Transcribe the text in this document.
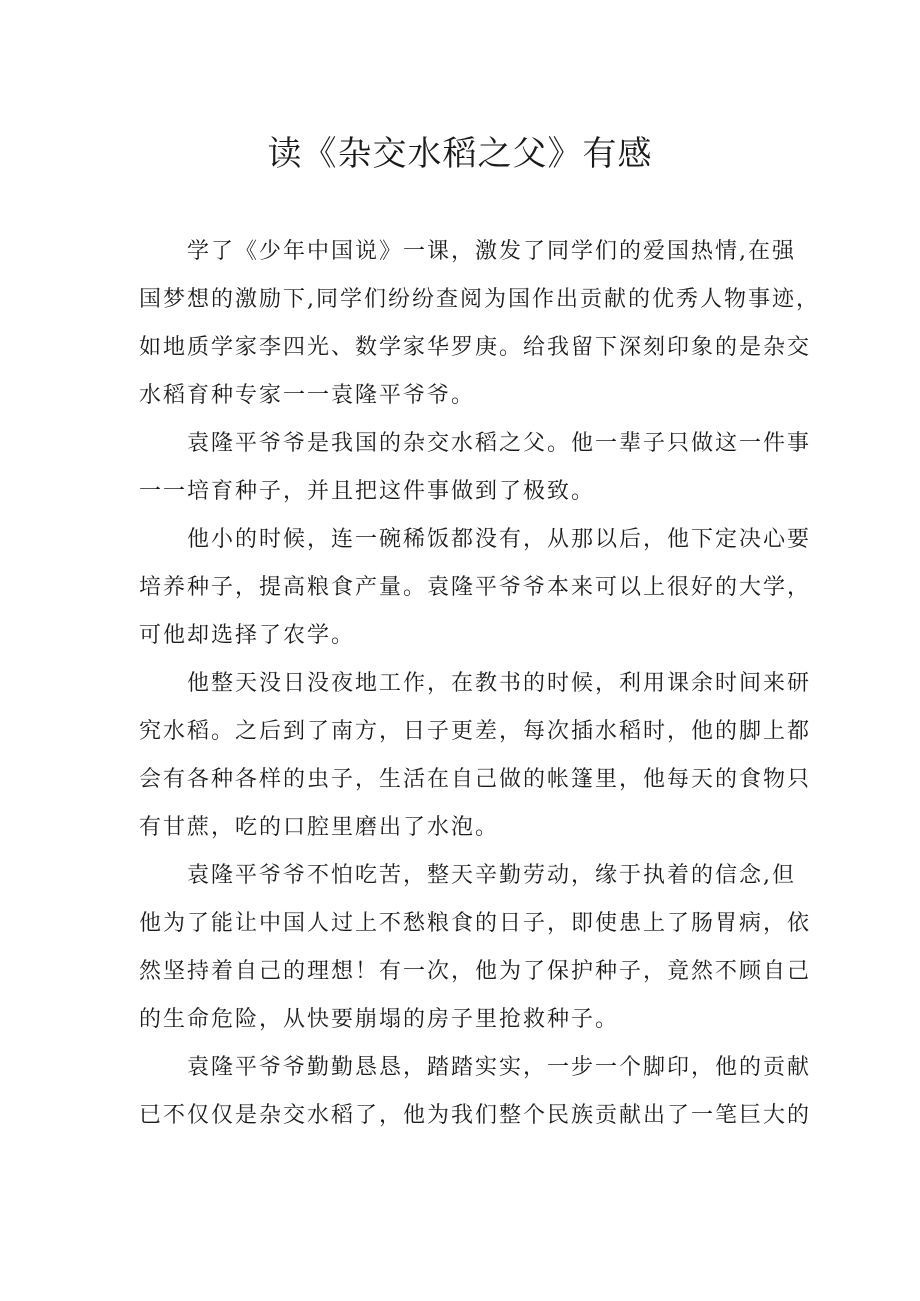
读《杂交水稻之父》有感
学了《少年中国说》一课，激发了同学们的爱国热情,在强
国梦想的激励下,同学们纷纷查阅为国作出贡献的优秀人物事迹，
如地质学家李四光、数学家华罗庚。给我留下深刻印象的是杂交
水稻育种专家一一袁隆平爷爷。
袁隆平爷爷是我国的杂交水稻之父。他一辈子只做这一件事
一一培育种子，并且把这件事做到了极致。
他小的时候，连一碗稀饭都没有，从那以后，他下定决心要
培养种子，提高粮食产量。袁隆平爷爷本来可以上很好的大学，
可他却选择了农学。
他整天没日没夜地工作，在教书的时候，利用课余时间来研
究水稻。之后到了南方，日子更差，每次插水稻时，他的脚上都
会有各种各样的虫子，生活在自己做的帐篷里，他每天的食物只
有甘蔗，吃的口腔里磨出了水泡。
袁隆平爷爷不怕吃苦，整天辛勤劳动，缘于执着的信念,但
他为了能让中国人过上不愁粮食的日子，即使患上了肠胃病，依
然坚持着自己的理想！有一次，他为了保护种子，竟然不顾自己
的生命危险，从快要崩塌的房子里抢救种子。
袁隆平爷爷勤勤恳恳，踏踏实实，一步一个脚印，他的贡献
已不仅仅是杂交水稻了，他为我们整个民族贡献出了一笔巨大的
